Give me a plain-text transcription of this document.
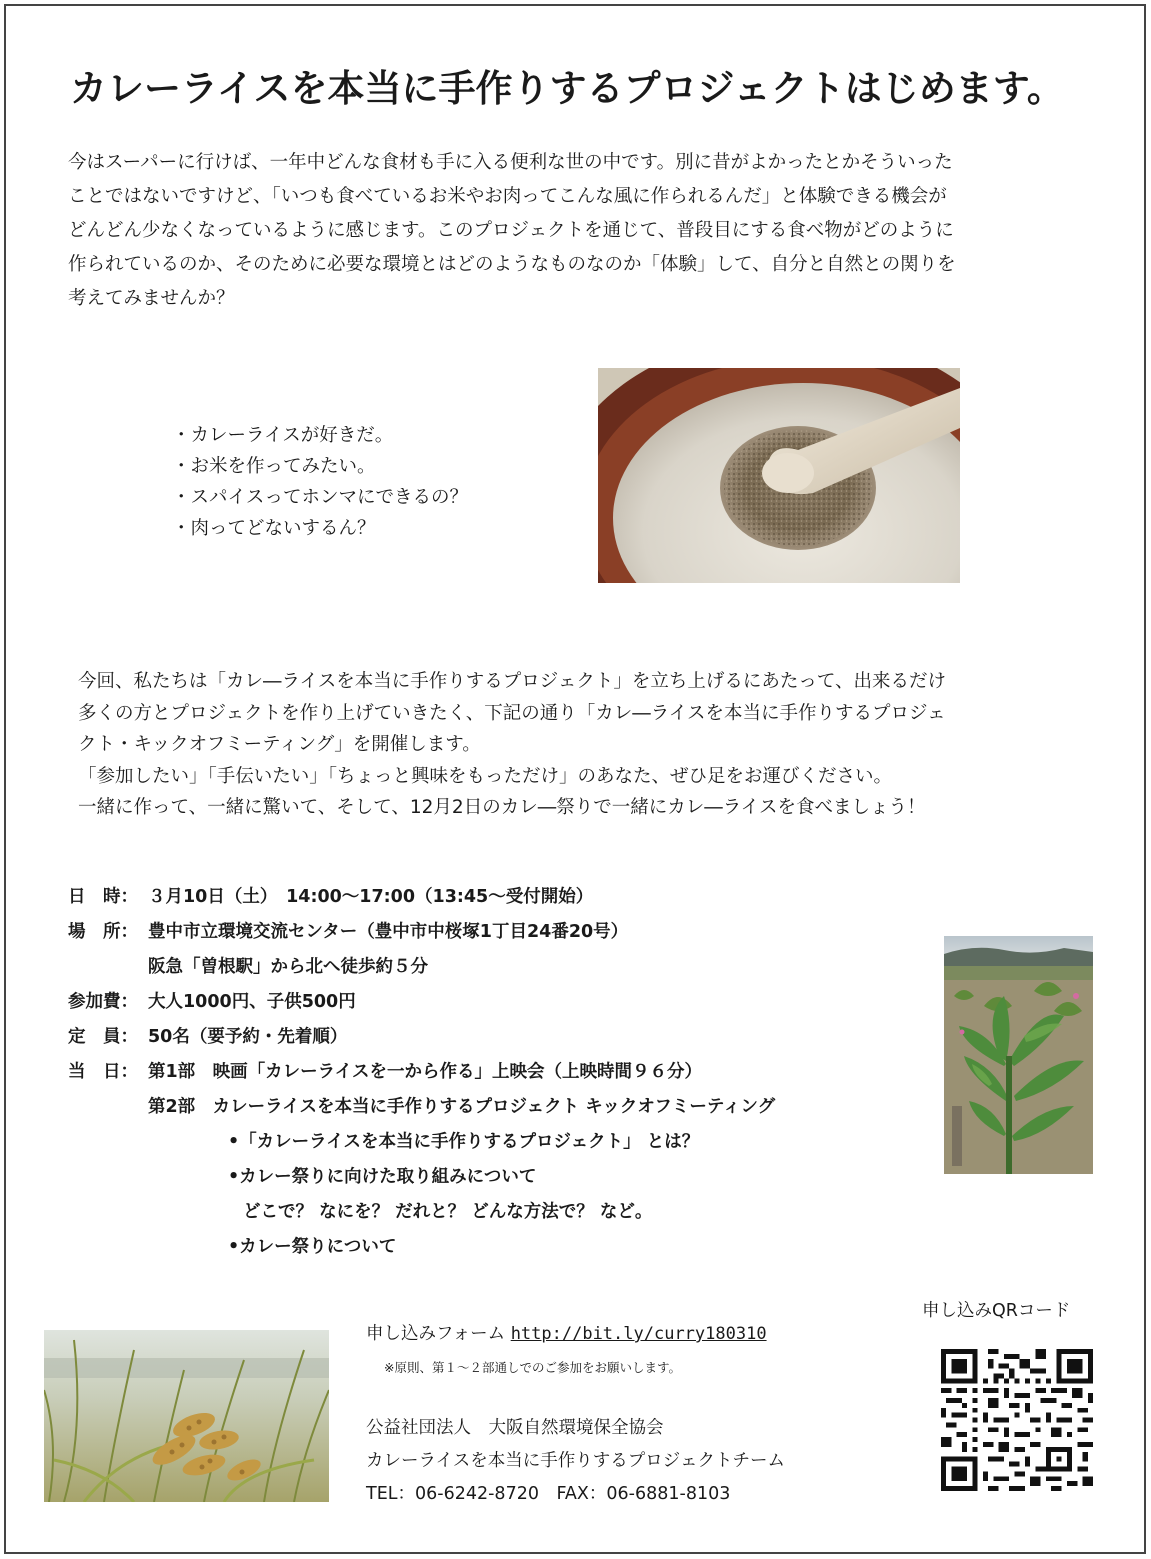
カレーライスを本当に手作りするプロジェクトはじめます。
今はスーパーに行けば、一年中どんな食材も手に入る便利な世の中です。別に昔がよかったとかそういった
ことではないですけど、「いつも食べているお米やお肉ってこんな風に作られるんだ」と体験できる機会が
どんどん少なくなっているように感じます。このプロジェクトを通じて、普段目にする食べ物がどのように
作られているのか、そのために必要な環境とはどのようなものなのか「体験」して、自分と自然との関りを
考えてみませんか？
・カレーライスが好きだ。
・お米を作ってみたい。
・スパイスってホンマにできるの？
・肉ってどないするん？
今回、私たちは「カレ―ライスを本当に手作りするプロジェクト」を立ち上げるにあたって、出来るだけ
多くの方とプロジェクトを作り上げていきたく、下記の通り「カレ―ライスを本当に手作りするプロジェ
クト・キックオフミーティング」を開催します。
「参加したい」「手伝いたい」「ちょっと興味をもっただけ」のあなた、ぜひ足をお運びください。
一緒に作って、一緒に驚いて、そして、12月2日のカレ―祭りで一緒にカレ―ライスを食べましょう！
日　時： ３月10日（土）　14:00〜17:00（13:45〜受付開始）
場　所： 豊中市立環境交流センター（豊中市中桜塚1丁目24番20号）
阪急「曽根駅」から北へ徒歩約５分
参加費： 大人1000円、子供500円
定　員： 50名（要予約・先着順）
当　日： 第1部　映画「カレーライスを一から作る」上映会（上映時間９６分）
第2部　カレーライスを本当に手作りするプロジェクト キックオフミーティング
•「カレーライスを本当に手作りするプロジェクト」 とは？
•カレー祭りに向けた取り組みについて
どこで？ なにを？ だれと？ どんな方法で？ など。
•カレー祭りについて
申し込みQRコード
申し込みフォーム http://bit.ly/curry180310
※原則、第１〜２部通しでのご参加をお願いします。
公益社団法人　大阪自然環境保全協会
カレーライスを本当に手作りするプロジェクトチーム
TEL：06-6242-8720　FAX：06-6881-8103
